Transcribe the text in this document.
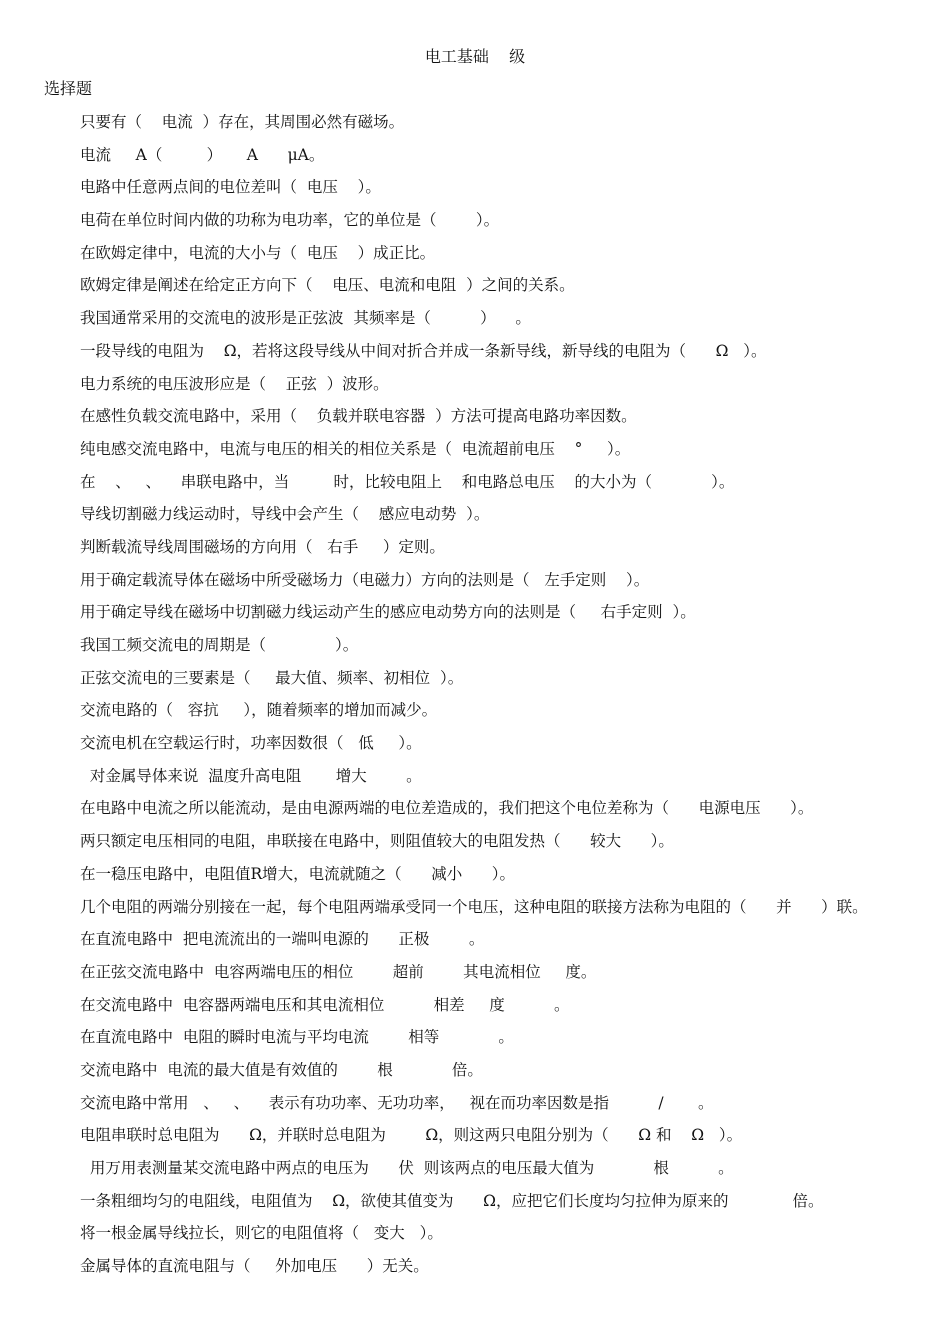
电工基础    级
选择题
只要有（    电流  ）存在，其周围必然有磁场。
电流     A（         ）     A      μA。
电路中任意两点间的电位差叫（  电压    ）。
电荷在单位时间内做的功称为电功率，它的单位是（        ）。
在欧姆定律中，电流的大小与（  电压    ）成正比。
欧姆定律是阐述在给定正方向下（    电压、电流和电阻  ）之间的关系。
我国通常采用的交流电的波形是正弦波  其频率是（          ）    。
一段导线的电阻为    Ω，若将这段导线从中间对折合并成一条新导线，新导线的电阻为（      Ω   ）。
电力系统的电压波形应是（    正弦  ）波形。
在感性负载交流电路中，采用（    负载并联电容器  ）方法可提高电路功率因数。
纯电感交流电路中，电流与电压的相关的相位关系是（  电流超前电压    °     ）。
在    、   、    串联电路中，当         时，比较电阻上    和电路总电压    的大小为（            ）。
导线切割磁力线运动时，导线中会产生（    感应电动势  ）。
判断载流导线周围磁场的方向用（   右手     ）定则。
用于确定载流导体在磁场中所受磁场力（电磁力）方向的法则是（   左手定则    ）。
用于确定导线在磁场中切割磁力线运动产生的感应电动势方向的法则是（     右手定则  ）。
我国工频交流电的周期是（              ）。
正弦交流电的三要素是（     最大值、频率、初相位  ）。
交流电路的（   容抗     ），随着频率的增加而减少。
交流电机在空载运行时，功率因数很（   低     ）。
对金属导体来说  温度升高电阻       增大        。
在电路中电流之所以能流动，是由电源两端的电位差造成的，我们把这个电位差称为（      电源电压      ）。
两只额定电压相同的电阻，串联接在电路中，则阻值较大的电阻发热（      较大      ）。
在一稳压电路中，电阻值R增大，电流就随之（      减小      ）。
几个电阻的两端分别接在一起，每个电阻两端承受同一个电压，这种电阻的联接方法称为电阻的（      并      ）联。
在直流电路中  把电流流出的一端叫电源的      正极        。
在正弦交流电路中  电容两端电压的相位        超前        其电流相位     度。
在交流电路中  电容器两端电压和其电流相位          相差     度          。
在直流电路中  电阻的瞬时电流与平均电流        相等            。
交流电路中  电流的最大值是有效值的        根            倍。
交流电路中常用   、   、    表示有功功率、无功功率，   视在而功率因数是指          /       。
电阻串联时总电阻为      Ω，并联时总电阻为        Ω，则这两只电阻分别为（      Ω 和    Ω   ）。
用万用表测量某交流电路中两点的电压为      伏  则该两点的电压最大值为            根          。
一条粗细均匀的电阻线，电阻值为    Ω，欲使其值变为      Ω，应把它们长度均匀拉伸为原来的             倍。
将一根金属导线拉长，则它的电阻值将（   变大   ）。
金属导体的直流电阻与（     外加电压      ）无关。
